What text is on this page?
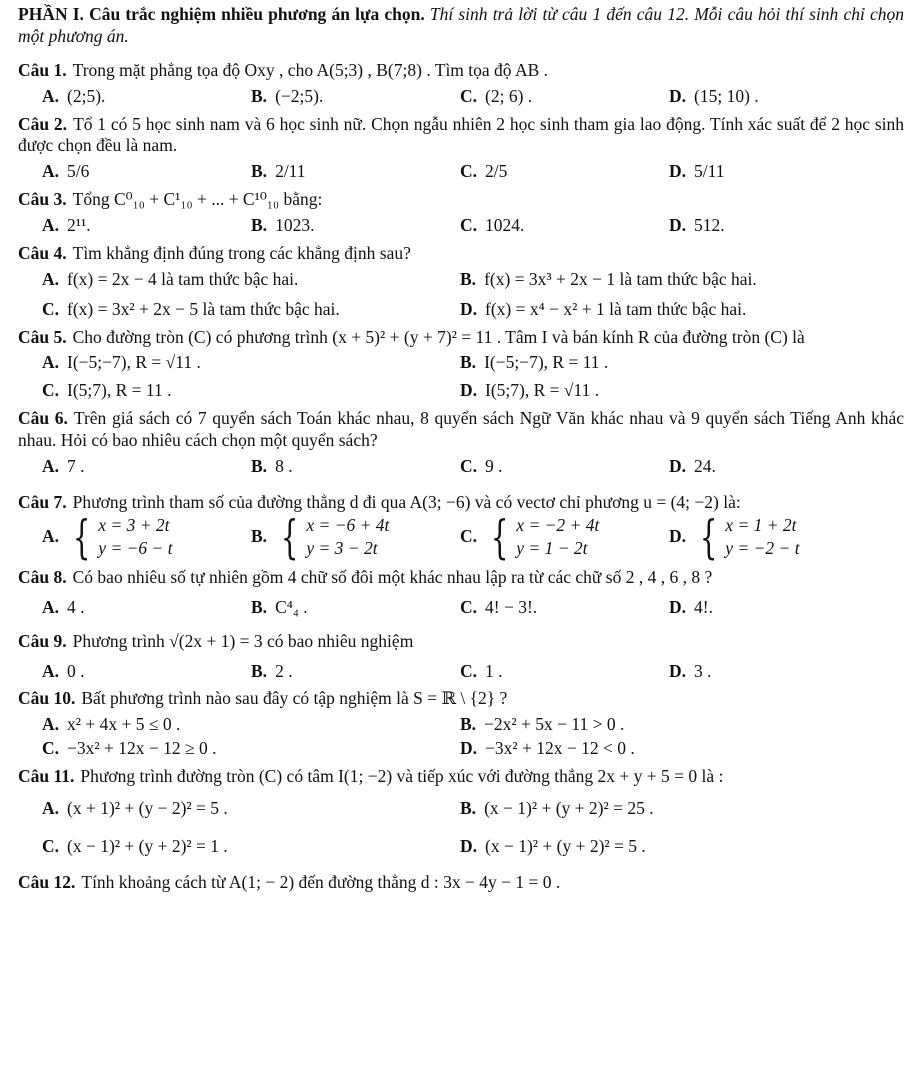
PHẦN I. Câu trắc nghiệm nhiều phương án lựa chọn. Thí sinh trả lời từ câu 1 đến câu 12. Mỗi câu hỏi thí sinh chỉ chọn một phương án.
Câu 1. Trong mặt phẳng tọa độ Oxy , cho A(5;3) , B(7;8) . Tìm tọa độ AB .
A. (2;5).	B. (−2;5).	C. (2; 6) .	D. (15; 10) .
Câu 2. Tổ 1 có 5 học sinh nam và 6 học sinh nữ. Chọn ngẫu nhiên 2 học sinh tham gia lao động. Tính xác suất để 2 học sinh được chọn đều là nam.
A. 5/6	B. 2/11	C. 2/5	D. 5/11
Câu 3. Tổng C⁰₁₀ + C¹₁₀ + ... + C¹⁰₁₀ bằng:
A. 2¹¹.	B. 1023.	C. 1024.	D. 512.
Câu 4. Tìm khẳng định đúng trong các khẳng định sau?
A. f(x) = 2x − 4 là tam thức bậc hai.	B. f(x) = 3x³ + 2x − 1 là tam thức bậc hai.
C. f(x) = 3x² + 2x − 5 là tam thức bậc hai.	D. f(x) = x⁴ − x² + 1 là tam thức bậc hai.
Câu 5. Cho đường tròn (C) có phương trình (x + 5)² + (y + 7)² = 11 . Tâm I và bán kính R của đường tròn (C) là
A. I(−5;−7), R = √11 .	B. I(−5;−7), R = 11 .
C. I(5;7), R = 11 .	D. I(5;7), R = √11 .
Câu 6. Trên giá sách có 7 quyển sách Toán khác nhau, 8 quyển sách Ngữ Văn khác nhau và 9 quyển sách Tiếng Anh khác nhau. Hỏi có bao nhiêu cách chọn một quyển sách?
A. 7 .	B. 8 .	C. 9 .	D. 24.
Câu 7. Phương trình tham số của đường thẳng d đi qua A(3; −6) và có vectơ chỉ phương u = (4; −2) là:
A. { x = 3 + 2t
y = −6 − t
B. { x = −6 + 4t
y = 3 − 2t
C. { x = −2 + 4t
y = 1 − 2t
D. { x = 1 + 2t
y = −2 − t
Câu 8. Có bao nhiêu số tự nhiên gồm 4 chữ số đôi một khác nhau lập ra từ các chữ số 2 , 4 , 6 , 8 ?
A. 4 .	B. C⁴₄ .	C. 4! − 3!.	D. 4!.
Câu 9. Phương trình √(2x + 1) = 3 có bao nhiêu nghiệm
A. 0 .	B. 2 .	C. 1 .	D. 3 .
Câu 10. Bất phương trình nào sau đây có tập nghiệm là S = ℝ \ {2} ?
A. x² + 4x + 5 ≤ 0 .	B. −2x² + 5x − 11 > 0 .
C. −3x² + 12x − 12 ≥ 0 .	D. −3x² + 12x − 12 < 0 .
Câu 11. Phương trình đường tròn (C) có tâm I(1; −2) và tiếp xúc với đường thẳng 2x + y + 5 = 0 là :
A. (x + 1)² + (y − 2)² = 5 .	B. (x − 1)² + (y + 2)² = 25 .
C. (x − 1)² + (y + 2)² = 1 .	D. (x − 1)² + (y + 2)² = 5 .
Câu 12. Tính khoảng cách từ A(1; − 2) đến đường thẳng d : 3x − 4y − 1 = 0 .
